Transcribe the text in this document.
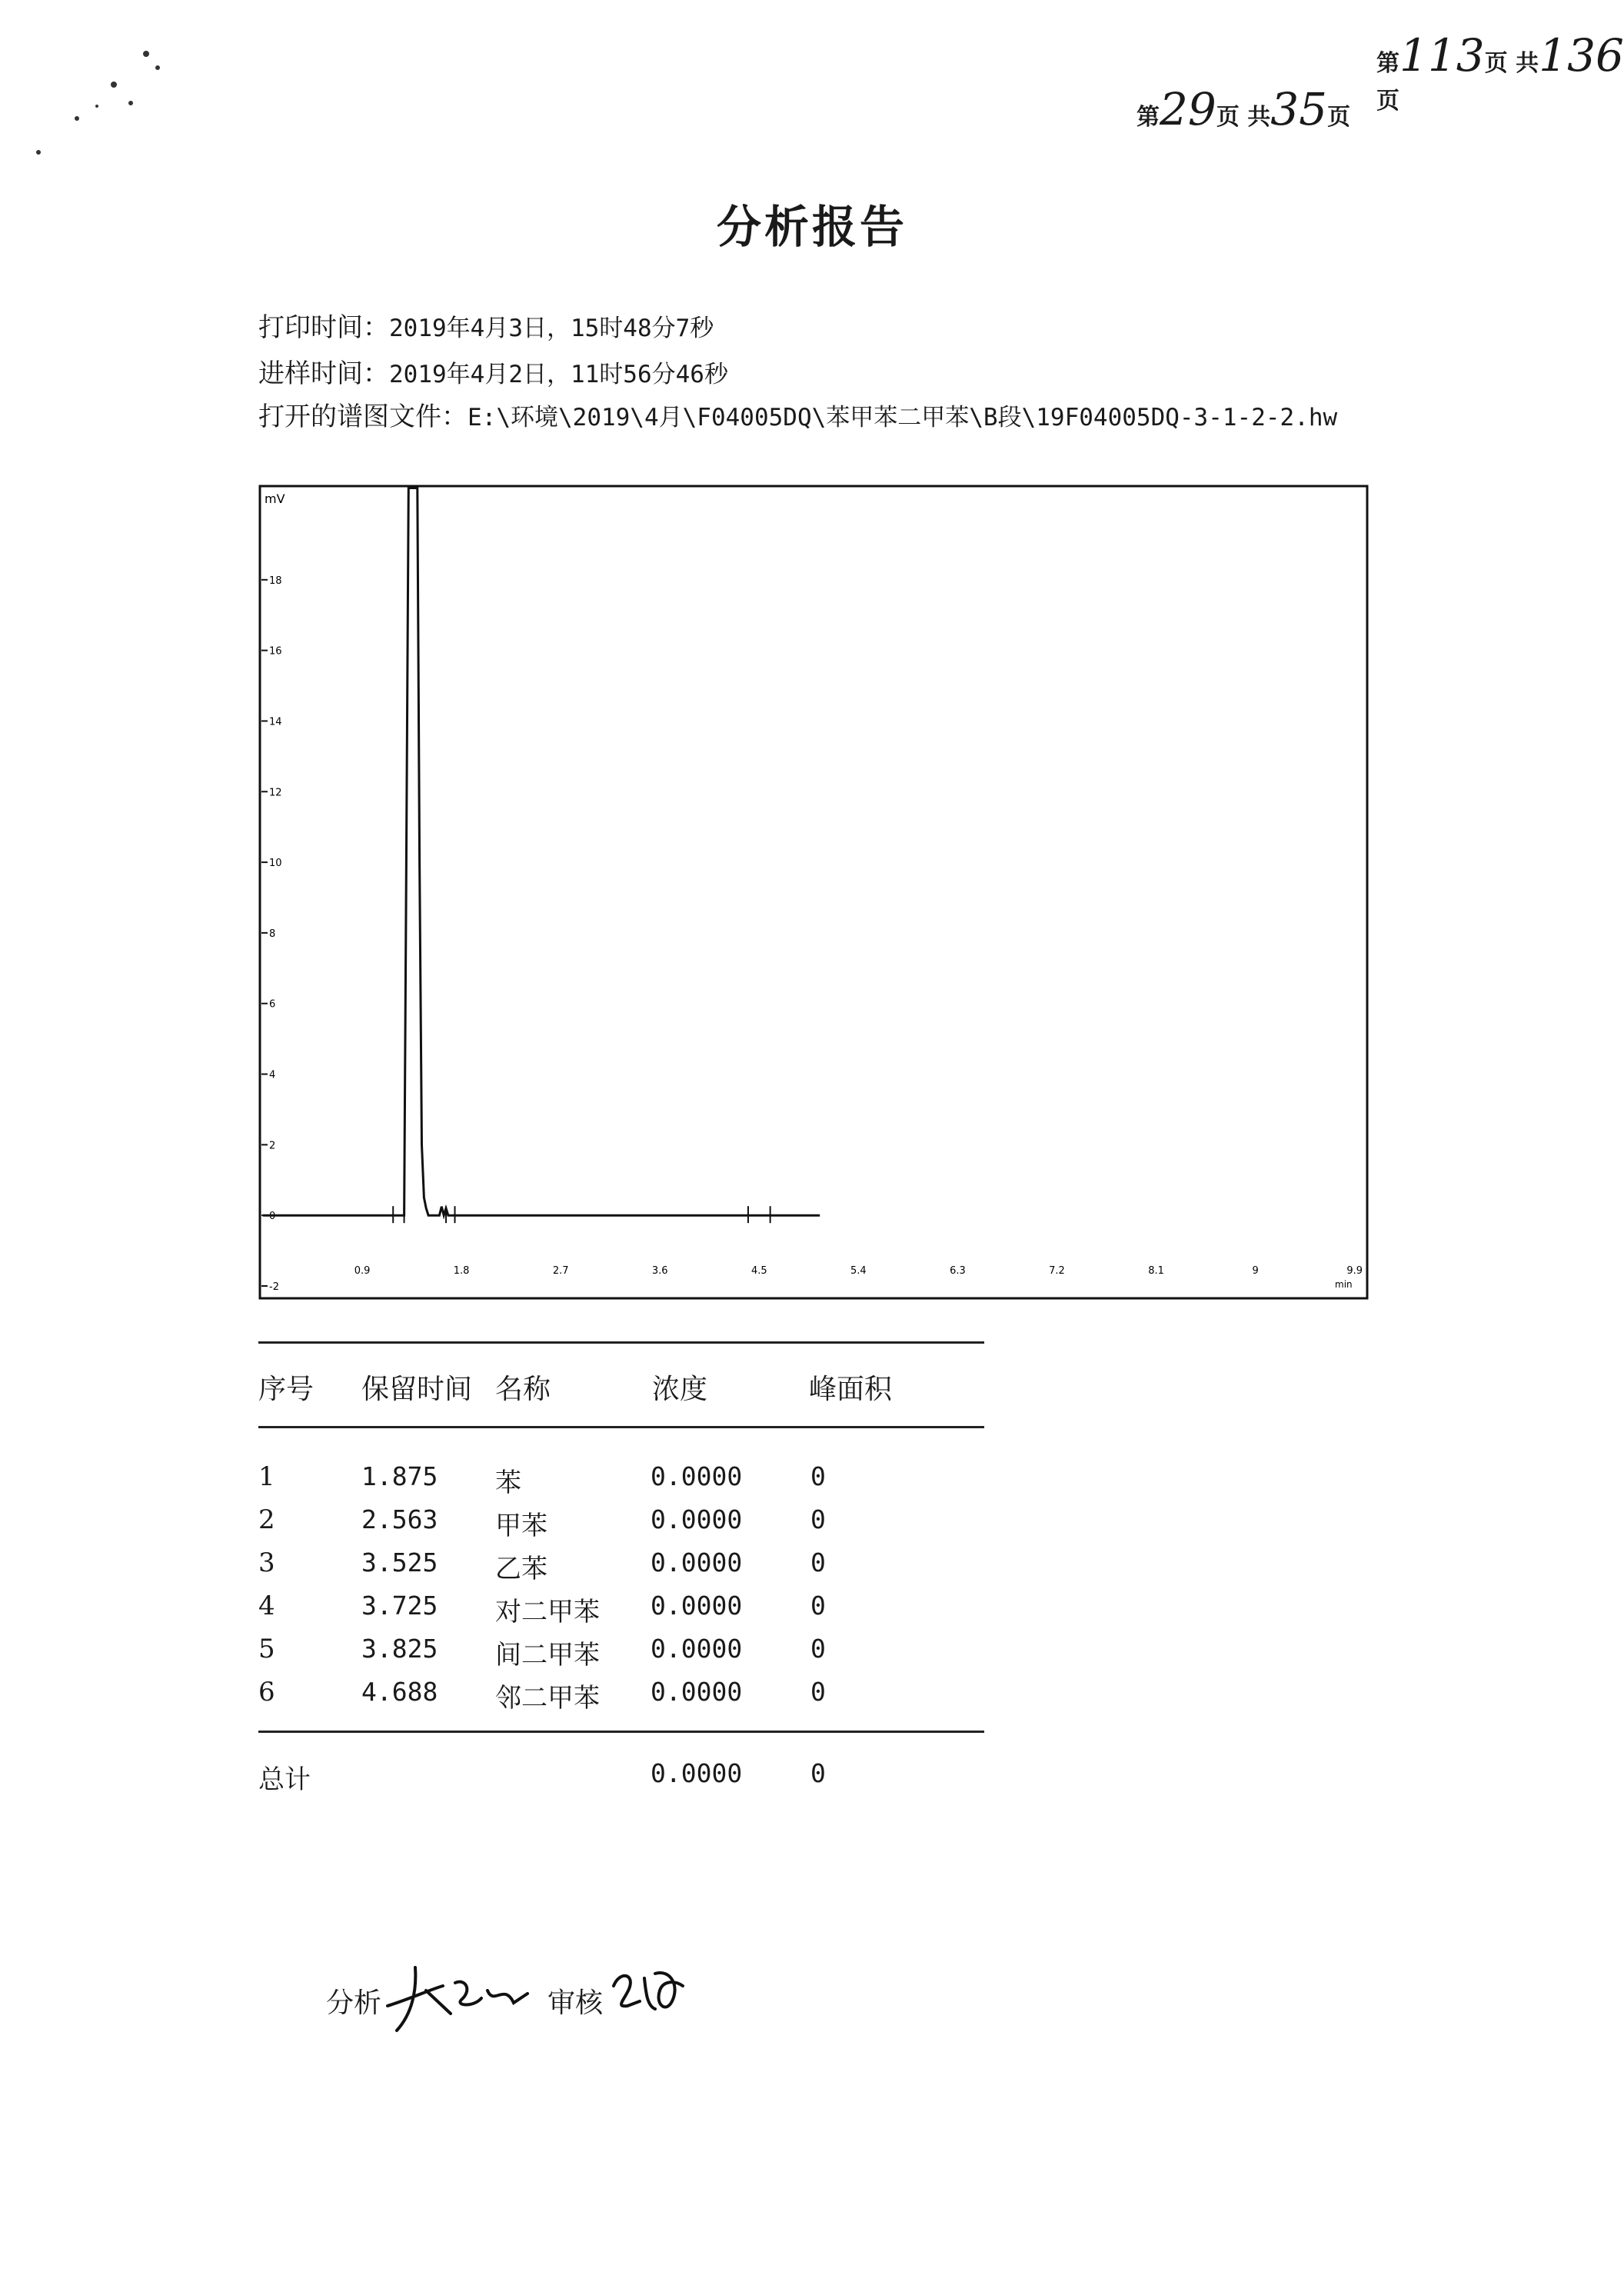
第113页 共136页
第29页 共35页
分析报告
打印时间：2019年4月3日，15时48分7秒
进样时间：2019年4月2日，11时56分46秒
打开的谱图文件：E:\环境\2019\4月\F04005DQ\苯甲苯二甲苯\B段\19F04005DQ-3-1-2-2.hw
mV
18
16
14
12
10
8
6
4
2
0
-2
0.9	1.8	2.7	3.6	4.5	5.4	6.3	7.2	8.1	9	9.9
min
序号 保留时间 名称	浓度	峰面积
1	1.875 苯	0.0000	0
2	2.563 甲苯	0.0000	0
3	3.525 乙苯	0.0000	0
4	3.725 对二甲苯 0.0000	0
5	3.825 间二甲苯 0.0000	0
6	4.688 邻二甲苯 0.0000	0
总计	0.0000	0
分析	审核
